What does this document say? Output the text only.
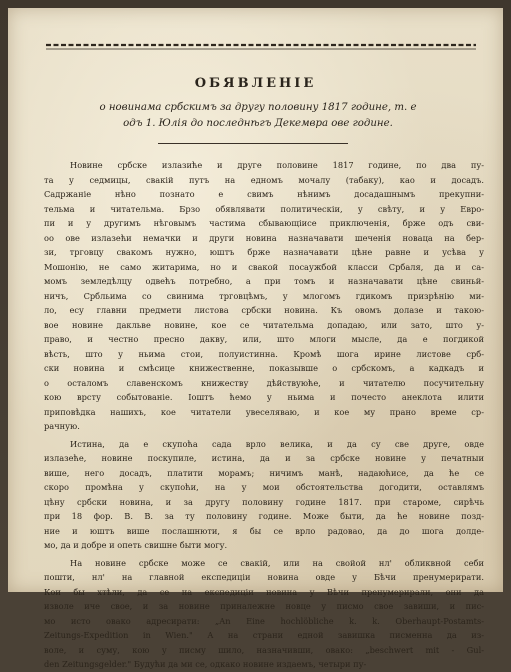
ОБЯВЛЕНIЕ
о новинама србскимъ за другу половину 1817 године, т. е
одъ 1. Юлiя до последнѣгъ Декемвра ове године.
Новине србске излазиће и друге половине 1817 године, по два пу-
та у седмицы, свакiй путъ на едномъ мочалу (табаку), као и досадъ.
Садржаніе нѣно познато е свимъ нѣнимъ досадашнымъ прекупни-
тельма и читательма. Брзо обявлявати политическiи, у свѣту, и у Евро-
пи и у другимъ нѣговымъ частима сбывающiисе приключенiя, брже одъ сви-
оо ове излазећи немачки и други новина назначавати шеченiя новаца на бер-
зи, трговцу свакомъ нужно, юштъ брже назначавати цѣне равне и усѣва у
Мошонiю, не само житарима, но и свакой посаужбой класси Србаля, да и са-
момъ земледѣлцу одвећъ потребно, а при томъ и назначавати цѣне свиньй-
ничъ, Србльима со свинима трговцѣмъ, у млогомъ гдикомъ призрѣнію ми-
ло, есу главни предмети листова србски новина. Къ овомъ долазе и такою-
вое новине дакльве новине, кое се читательма допадаю, или зато, што у-
право, и честно пресно дакву, или, што млоги мысле, да е погдикой
вѣсть, што у ньима стои, полуистинна. Кромѣ шога ирине листове срб-
ски новина и смѣсице книжественне, показывше о србскомъ, а кадкадъ и
о осталомъ славенскомъ книжеству дѣйствуюће, и читателю посучительну
кою врсту событованіе. Іоштъ ћемо у ньима и почесто анеклота илити
приповѣдка нашихъ, кое читатели увеселяваю, и кое му прано време ср-
рачную.
Истина, да е скупоћа сада врло велика, и да су све друге, овде
излазеће, новине поскупиле, истина, да и за србске новине у печатныи
више, него досадъ, платити морамъ; ничимъ манѣ, надаюћисе, да ће се
скоро промѣна у скупоћи, на у мои обстоятельства догодити, оставлямъ
цѣну србски новина, и за другу половину године 1817. при староме, сирѣчь
при 18 фор. В. В. за ту половину године. Може быти, да ће новине позд-
ние и юштъ више послашнюти, я бы се врло радовао, да до шога долде-
мо, да и добре и опеть свишне быти могу.
На новине србске може се свакій, или на свойой нл' обликвной себи
пошти, нл' на главной експедиціи новина овде у Бѣчи пренумерирати.
Кои бы хтѣли, да се на експедиціи новина у Вѣчи пренумерирали, они да
изволе иче свое, и за новине приналежне новце у писмо свое завиши, и пис-
мо исто овако адресирати: „An Eine hochlöbliche k. k. Oberhaupt-Postamts-
Zeitungs-Expedition in Wien." А на страни едной завишка писменна да из-
воле, и суму, кою у писму шило, назначивши, овако: „beschwert mit - Gul-
den Zeitungsgelder." Будући да ми се, одкако новине издаемъ, четыри пу-
